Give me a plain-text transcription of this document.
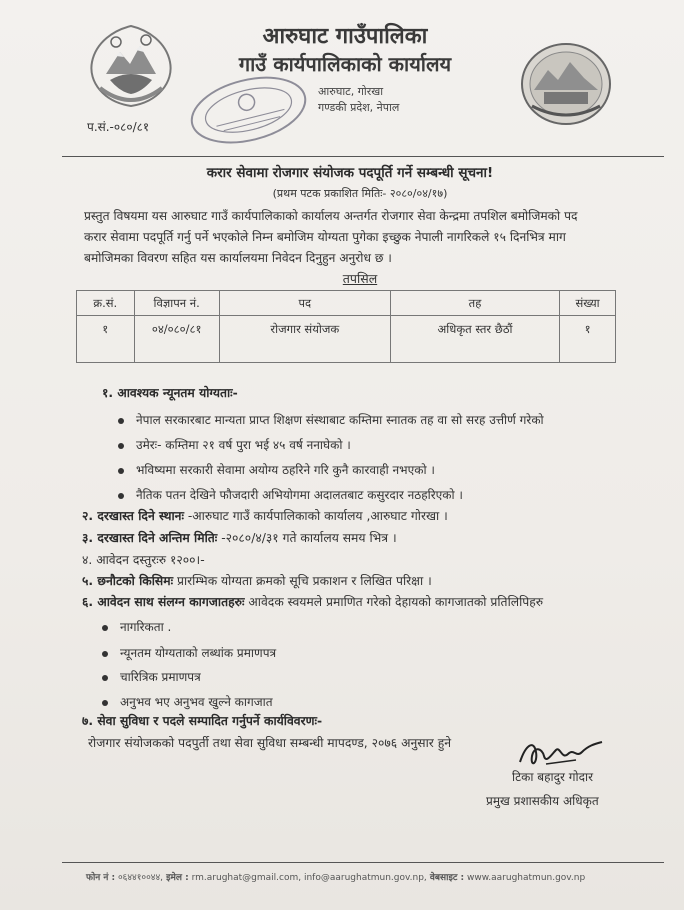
आरुघाट गाउँपालिका
गाउँ कार्यपालिकाको कार्यालय
आरुघाट, गोरखा
गण्डकी प्रदेश, नेपाल
प.सं.-०८०/८१
करार सेवामा रोजगार संयोजक पदपूर्ति गर्ने सम्बन्धी सूचना!
(प्रथम पटक प्रकाशित मितिः- २०८०/०४/१७)
प्रस्तुत विषयमा यस आरुघाट गाउँ कार्यपालिकाको कार्यालय अन्तर्गत रोजगार सेवा केन्द्रमा तपशिल बमोजिमको पद
करार सेवामा पदपूर्ति गर्नु पर्ने भएकोले निम्न बमोजिम योग्यता पुगेका इच्छुक नेपाली नागरिकले १५ दिनभित्र माग
बमोजिमका विवरण सहित यस कार्यालयमा निवेदन दिनुहुन अनुरोध छ ।
तपसिल
क्र.सं.	विज्ञापन नं.	पद	तह	संख्या
१	०४/०८०/८१	रोजगार संयोजक	अधिकृत स्तर छैठौं	१
१. आवश्यक न्यूनतम योग्यताः-
नेपाल सरकारबाट मान्यता प्राप्त शिक्षण संस्थाबाट कम्तिमा स्नातक तह वा सो सरह उत्तीर्ण गरेको
उमेरः- कम्तिमा २१ वर्ष पुरा भई ४५ वर्ष ननाघेको ।
भविष्यमा सरकारी सेवामा अयोग्य ठहरिने गरि कुनै कारवाही नभएको ।
नैतिक पतन देखिने फौजदारी अभियोगमा अदालतबाट कसुरदार नठहरिएको ।
२. दरखास्त दिने स्थानः -आरुघाट गाउँ कार्यपालिकाको कार्यालय ,आरुघाट गोरखा ।
३. दरखास्त दिने अन्तिम मितिः -२०८०/४/३१ गते कार्यालय समय भित्र ।
४. आवेदन दस्तुरःरु १२००।-
५. छनौटको किसिमः प्रारम्भिक योग्यता क्रमको सूचि प्रकाशन र लिखित परिक्षा ।
६. आवेदन साथ संलग्न कागजातहरुः आवेदक स्वयमले प्रमाणित गरेको देहायको कागजातको प्रतिलिपिहरु
नागरिकता .
न्यूनतम योग्यताको लब्धांक प्रमाणपत्र
चारित्रिक प्रमाणपत्र
अनुभव भए अनुभव खुल्ने कागजात
७. सेवा सुविधा र पदले सम्पादित गर्नुपर्ने कार्यविवरणः-
रोजगार संयोजकको पदपुर्ती तथा सेवा सुविधा सम्बन्धी मापदण्ड, २०७६ अनुसार हुने
टिका बहादुर गोदार
प्रमुख प्रशासकीय अधिकृत
फोन नं : ०६४४१००४४, इमेल : rm.arughat@gmail.com, info@aarughatmun.gov.np, वेबसाइट : www.aarughatmun.gov.np
